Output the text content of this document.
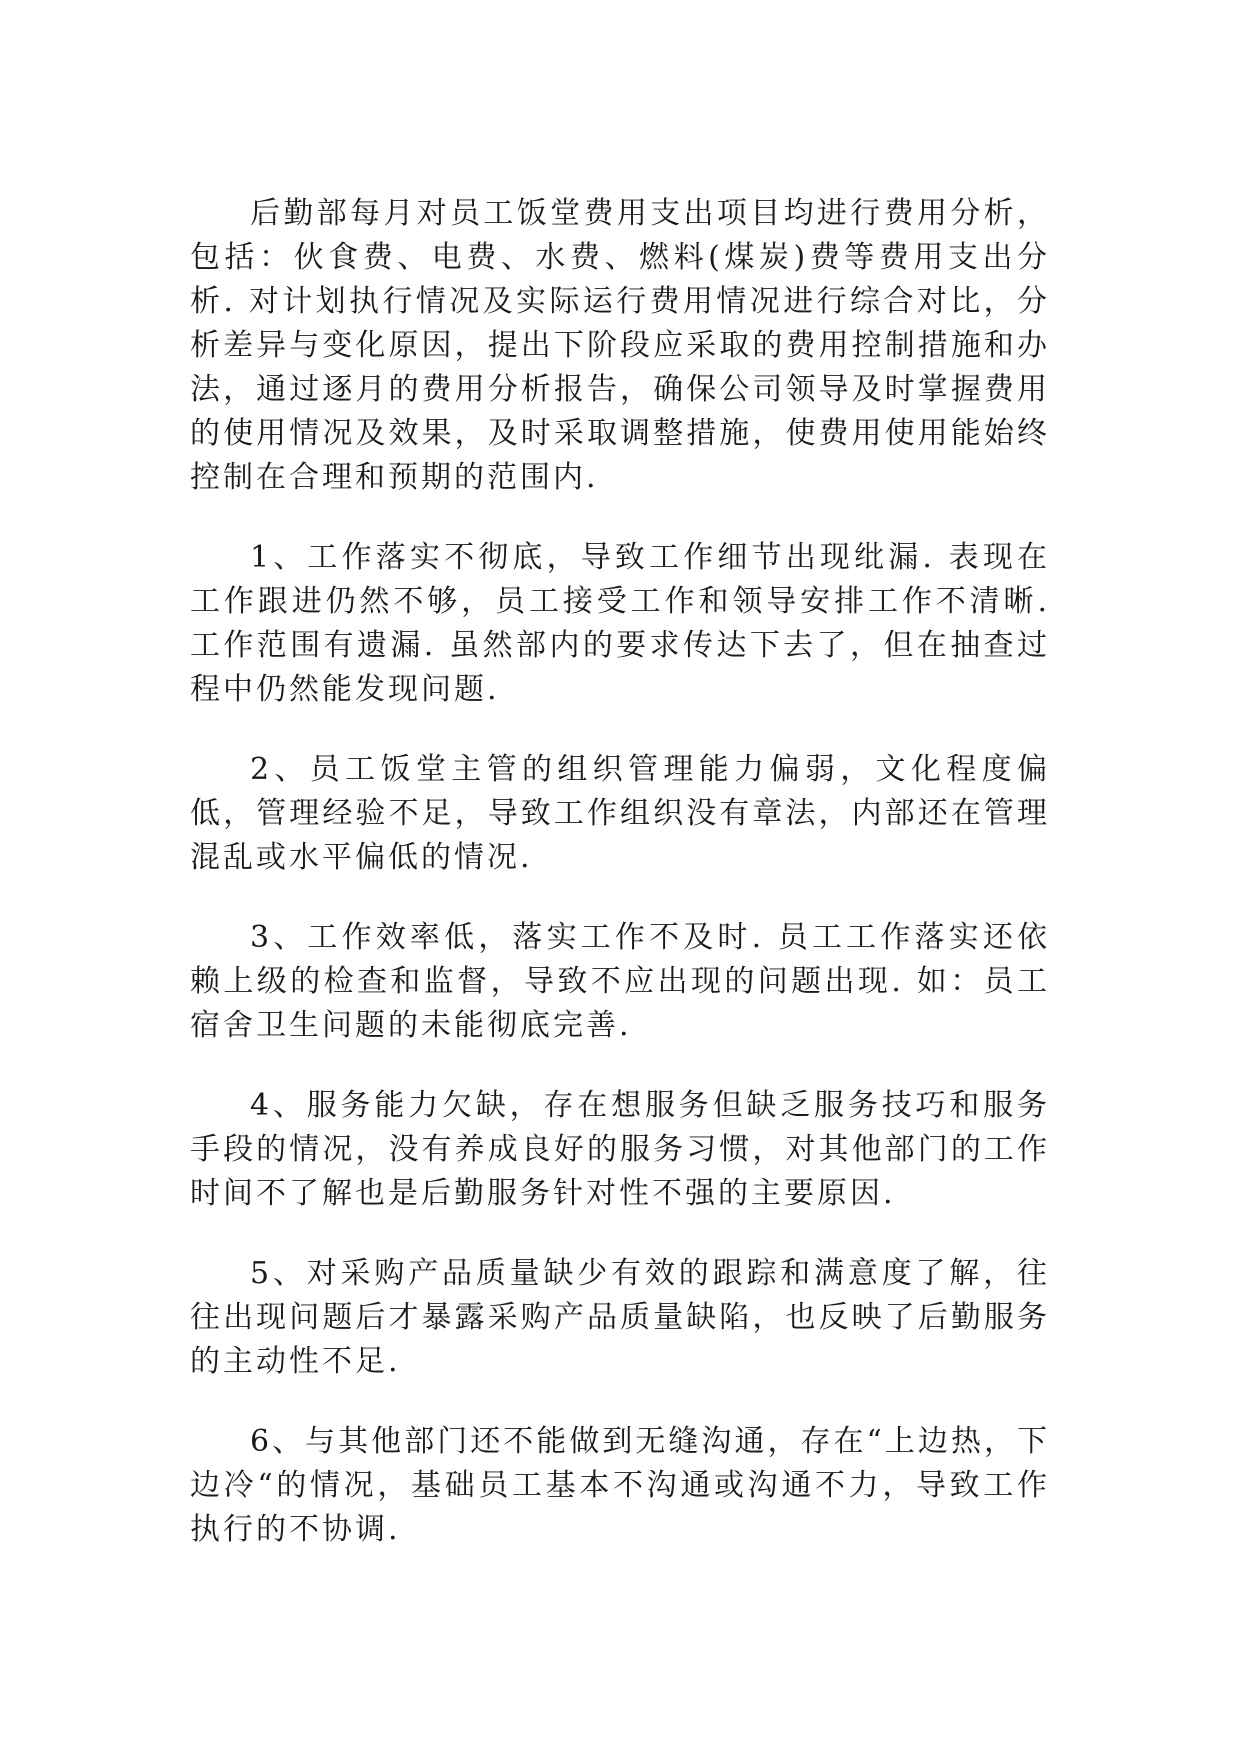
后勤部每月对员工饭堂费用支出项目均进行费用分析，包括：伙食费、电费、水费、燃料(煤炭)费等费用支出分析. 对计划执行情况及实际运行费用情况进行综合对比，分析差异与变化原因，提出下阶段应采取的费用控制措施和办法，通过逐月的费用分析报告，确保公司领导及时掌握费用的使用情况及效果，及时采取调整措施，使费用使用能始终控制在合理和预期的范围内.

1、工作落实不彻底，导致工作细节出现纰漏. 表现在工作跟进仍然不够，员工接受工作和领导安排工作不清晰. 工作范围有遗漏. 虽然部内的要求传达下去了，但在抽查过程中仍然能发现问题.

2、员工饭堂主管的组织管理能力偏弱，文化程度偏低，管理经验不足，导致工作组织没有章法，内部还在管理混乱或水平偏低的情况.

3、工作效率低，落实工作不及时. 员工工作落实还依赖上级的检查和监督，导致不应出现的问题出现. 如：员工宿舍卫生问题的未能彻底完善.

4、服务能力欠缺，存在想服务但缺乏服务技巧和服务手段的情况，没有养成良好的服务习惯，对其他部门的工作时间不了解也是后勤服务针对性不强的主要原因.

5、对采购产品质量缺少有效的跟踪和满意度了解，往往出现问题后才暴露采购产品质量缺陷，也反映了后勤服务的主动性不足.

6、与其他部门还不能做到无缝沟通，存在“上边热，下边冷“的情况，基础员工基本不沟通或沟通不力，导致工作执行的不协调.
